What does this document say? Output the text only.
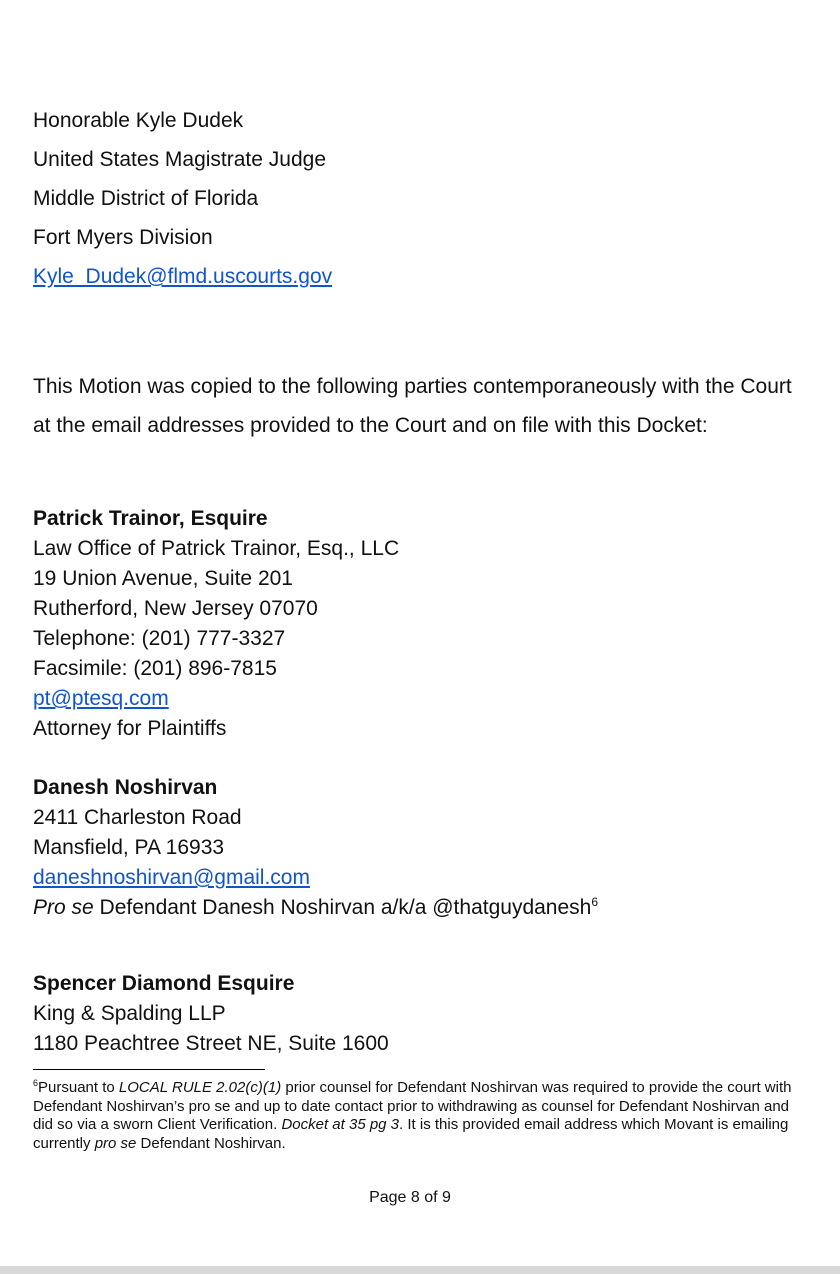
Honorable Kyle Dudek
United States Magistrate Judge
Middle District of Florida
Fort Myers Division
Kyle_Dudek@flmd.uscourts.gov
This Motion was copied to the following parties contemporaneously with the Court at the email addresses provided to the Court and on file with this Docket:
Patrick Trainor, Esquire
Law Office of Patrick Trainor, Esq., LLC
19 Union Avenue, Suite 201
Rutherford, New Jersey 07070
Telephone: (201) 777-3327
Facsimile: (201) 896-7815
pt@ptesq.com
Attorney for Plaintiffs
Danesh Noshirvan
2411 Charleston Road
Mansfield, PA 16933
daneshnoshirvan@gmail.com
Pro se Defendant Danesh Noshirvan a/k/a @thatguydanesh$^6$
Spencer Diamond Esquire
King & Spalding LLP
1180 Peachtree Street NE, Suite 1600
$^6$Pursuant to LOCAL RULE 2.02(c)(1) prior counsel for Defendant Noshirvan was required to provide the court with Defendant Noshirvan’s pro se and up to date contact prior to withdrawing as counsel for Defendant Noshirvan and did so via a sworn Client Verification. Docket at 35 pg 3. It is this provided email address which Movant is emailing currently pro se Defendant Noshirvan.
Page 8 of 9
